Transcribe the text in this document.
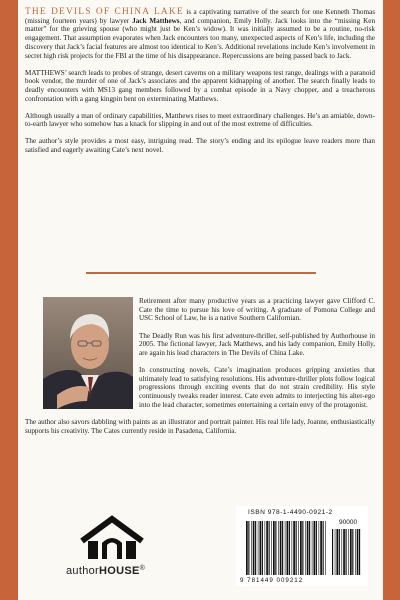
THE DEVILS OF CHINA LAKE is a captivating narrative of the search for one Kenneth Thomas (missing fourteen years) by lawyer Jack Matthews, and companion, Emily Holly. Jack looks into the “missing Ken matter” for the grieving spouse (who might just be Ken’s widow). It was initially assumed to be a routine, no-risk engagement. That assumption evaporates when Jack encounters too many, unexpected aspects of Ken’s life, including the discovery that Jack’s facial features are almost too identical to Ken’s. Additional revelations include Ken’s involvement in secret high risk projects for the FBI at the time of his disappearance. Repercussions are being passed back to Jack.

MATTHEWS’ search leads to probes of strange, desert caverns on a military weapons test range, dealings with a paranoid book vendor, the murder of one of Jack’s associates and the apparent kidnapping of another. The search finally leads to deadly encounters with MS13 gang members followed by a combat episode in a Navy chopper, and a treacherous confrontation with a gang kingpin bent on exterminating Matthews.

Although usually a man of ordinary capabilities, Matthews rises to meet extraordinary challenges. He’s an amiable, down-to-earth lawyer who somehow has a knack for slipping in and out of the most extreme of difficulties.

The author’s style provides a most easy, intriguing read. The story’s ending and its epilogue leave readers more than satisfied and eagerly awaiting Cate’s next novel.

Retirement after many productive years as a practicing lawyer gave Clifford C. Cate the time to pursue his love of writing. A graduate of Pomona College and USC School of Law, he is a native Southern Californian.

The Deadly Run was his first adventure-thriller, self-published by Authorhouse in 2005. The fictional lawyer, Jack Matthews, and his lady companion, Emily Holly, are again his lead characters in The Devils of China Lake.

In constructing novels, Cate’s imagination produces gripping anxieties that ultimately lead to satisfying resolutions. His adventure-thriller plots follow logical progressions through exciting events that do not strain credibility. His style continuously tweaks reader interest. Cate even admits to interjecting his alter-ego into the lead character, sometimes entertaining a certain envy of the protagonist.

The author also savors dabbling with paints as an illustrator and portrait painter. His real life lady, Joanne, enthusiastically supports his creativity. The Cates currently reside in Pasadena, California.

authorHOUSE®
ISBN 978-1-4490-0921-2
90000
9 781449 009212
